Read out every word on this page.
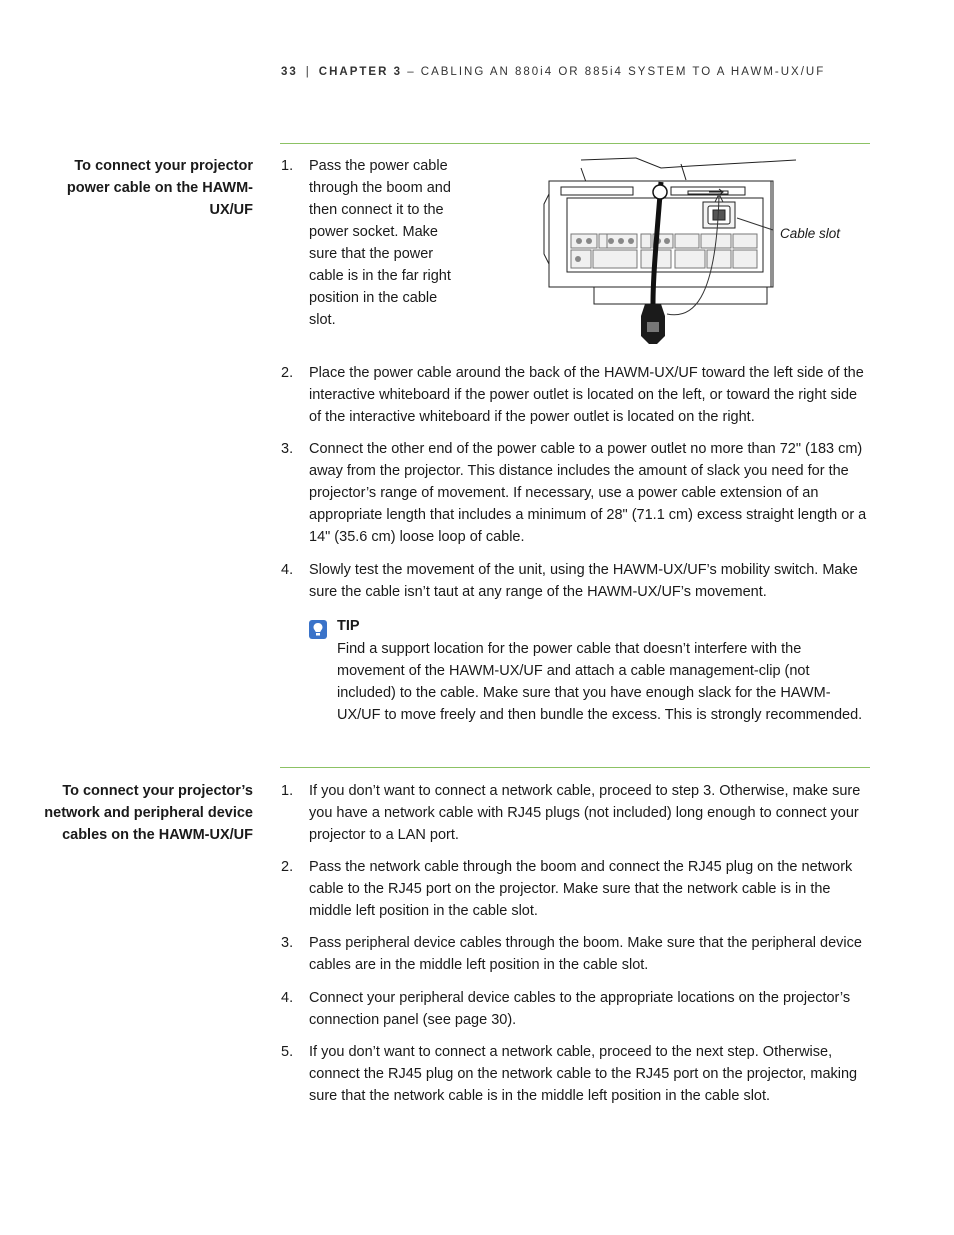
33 | CHAPTER 3 – CABLING AN 880i4 OR 885i4 SYSTEM TO A HAWM-UX/UF
To connect your projector power cable on the HAWM-UX/UF
1. Pass the power cable through the boom and then connect it to the power socket. Make sure that the power cable is in the far right position in the cable slot.
Cable slot
2. Place the power cable around the back of the HAWM-UX/UF toward the left side of the interactive whiteboard if the power outlet is located on the left, or toward the right side of the interactive whiteboard if the power outlet is located on the right.
3. Connect the other end of the power cable to a power outlet no more than 72" (183 cm) away from the projector. This distance includes the amount of slack you need for the projector’s range of movement. If necessary, use a power cable extension of an appropriate length that includes a minimum of 28" (71.1 cm) excess straight length or a 14" (35.6 cm) loose loop of cable.
4. Slowly test the movement of the unit, using the HAWM-UX/UF’s mobility switch. Make sure the cable isn’t taut at any range of the HAWM-UX/UF’s movement.
TIP
Find a support location for the power cable that doesn’t interfere with the movement of the HAWM-UX/UF and attach a cable management-clip (not included) to the cable. Make sure that you have enough slack for the HAWM-UX/UF to move freely and then bundle the excess. This is strongly recommended.
To connect your projector’s network and peripheral device cables on the HAWM-UX/UF
1. If you don’t want to connect a network cable, proceed to step 3. Otherwise, make sure you have a network cable with RJ45 plugs (not included) long enough to connect your projector to a LAN port.
2. Pass the network cable through the boom and connect the RJ45 plug on the network cable to the RJ45 port on the projector. Make sure that the network cable is in the middle left position in the cable slot.
3. Pass peripheral device cables through the boom. Make sure that the peripheral device cables are in the middle left position in the cable slot.
4. Connect your peripheral device cables to the appropriate locations on the projector’s connection panel (see page 30).
5. If you don’t want to connect a network cable, proceed to the next step. Otherwise, connect the RJ45 plug on the network cable to the RJ45 port on the projector, making sure that the network cable is in the middle left position in the cable slot.
